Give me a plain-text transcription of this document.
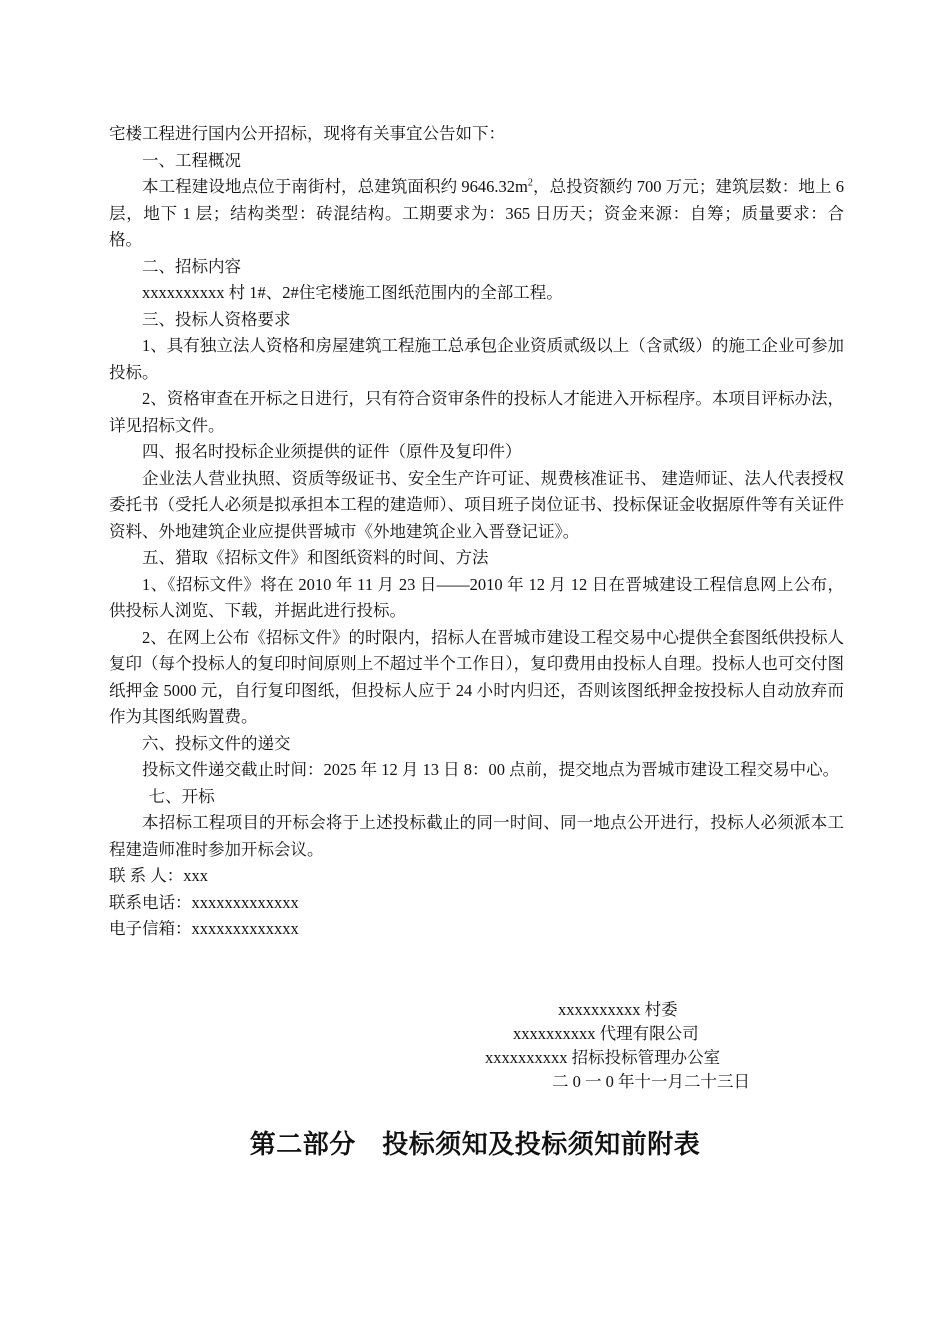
宅楼工程进行国内公开招标，现将有关事宜公告如下：

一、工程概况

本工程建设地点位于南街村，总建筑面积约 $9646.32m^2$，总投资额约 700 万元；建筑层数：地上 6 层，地下 1 层；结构类型：砖混结构。工期要求为：365 日历天；资金来源：自筹；质量要求：合格。

二、招标内容

xxxxxxxxxx 村 1#、2#住宅楼施工图纸范围内的全部工程。

三、投标人资格要求

1、具有独立法人资格和房屋建筑工程施工总承包企业资质贰级以上（含贰级）的施工企业可参加投标。

2、资格审查在开标之日进行，只有符合资审条件的投标人才能进入开标程序。本项目评标办法，详见招标文件。

四、报名时投标企业须提供的证件（原件及复印件）

企业法人营业执照、资质等级证书、安全生产许可证、规费核准证书、 建造师证、法人代表授权委托书（受托人必须是拟承担本工程的建造师）、项目班子岗位证书、投标保证金收据原件等有关证件资料、外地建筑企业应提供晋城市《外地建筑企业入晋登记证》。

五、猎取《招标文件》和图纸资料的时间、方法

1、《招标文件》将在 2010 年 11 月 23 日——2010 年 12 月 12 日在晋城建设工程信息网上公布，供投标人浏览、下载，并据此进行投标。

2、在网上公布《招标文件》的时限内，招标人在晋城市建设工程交易中心提供全套图纸供投标人复印（每个投标人的复印时间原则上不超过半个工作日），复印费用由投标人自理。投标人也可交付图纸押金 5000 元，自行复印图纸，但投标人应于 24 小时内归还，否则该图纸押金按投标人自动放弃而作为其图纸购置费。

六、投标文件的递交

投标文件递交截止时间：2025 年 12 月 13 日 8：00 点前，提交地点为晋城市建设工程交易中心。

七、开标

本招标工程项目的开标会将于上述投标截止的同一时间、同一地点公开进行，投标人必须派本工程建造师准时参加开标会议。

联 系 人：xxx

联系电话：xxxxxxxxxxxxx

电子信箱：xxxxxxxxxxxxx

xxxxxxxxxx 村委
xxxxxxxxxx 代理有限公司
xxxxxxxxxx 招标投标管理办公室
二 0 一 0 年十一月二十三日
第二部分　投标须知及投标须知前附表
